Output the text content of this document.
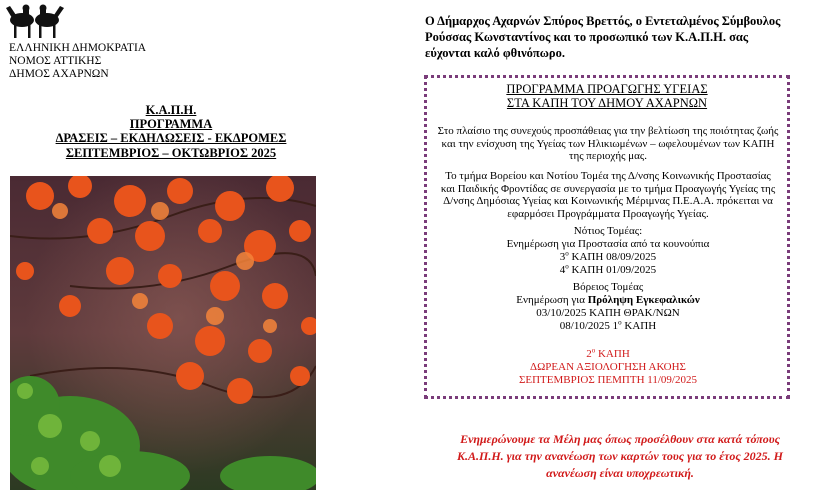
ΕΛΛΗΝΙΚΗ ΔΗΜΟΚΡΑΤΙΑ
ΝΟΜΟΣ ΑΤΤΙΚΗΣ
ΔΗΜΟΣ ΑΧΑΡΝΩΝ
Κ.Α.Π.Η.
ΠΡΟΓΡΑΜΜΑ
ΔΡΑΣΕΙΣ – ΕΚΔΗΛΩΣΕΙΣ - ΕΚΔΡΟΜΕΣ
ΣΕΠΤΕΜΒΡΙΟΣ – ΟΚΤΩΒΡΙΟΣ 2025
Ο Δήμαρχος Αχαρνών Σπύρος Βρεττός, ο Εντεταλμένος Σύμβουλος Ρούσσας Κωνσταντίνος και το προσωπικό των Κ.Α.Π.Η. σας εύχονται καλό φθινόπωρο.
ΠΡΟΓΡΑΜΜΑ ΠΡΟΑΓΩΓΗΣ ΥΓΕΙΑΣ
ΣΤΑ ΚΑΠΗ ΤΟΥ ΔΗΜΟΥ ΑΧΑΡΝΩΝ
Στο πλαίσιο της συνεχούς προσπάθειας για την βελτίωση της ποιότητας ζωής και την ενίσχυση της Υγείας των Ηλικιωμένων – ωφελουμένων των ΚΑΠΗ της περιοχής μας.
Το τμήμα Βορείου και Νοτίου Τομέα της Δ/νσης Κοινωνικής Προστασίας και Παιδικής Φροντίδας σε συνεργασία με το τμήμα Προαγωγής Υγείας της Δ/νσης Δημόσιας Υγείας και Κοινωνικής Μέριμνας Π.Ε.Α.Α. πρόκειται να εφαρμόσει Προγράμματα Προαγωγής Υγείας.
Νότιος Τομέας:
Ενημέρωση για Προστασία από τα κουνούπια
$3^o$ ΚΑΠΗ 08/09/2025
$4^o$ ΚΑΠΗ 01/09/2025
Βόρειος Τομέας
Ενημέρωση για Πρόληψη Εγκεφαλικών
03/10/2025 ΚΑΠΗ ΘΡΑΚ/ΝΩΝ
08/10/2025 $1^o$ ΚΑΠΗ
$2^o$ ΚΑΠΗ
ΔΩΡΕΑΝ ΑΞΙΟΛΟΓΗΣΗ ΑΚΟΗΣ
ΣΕΠΤΕΜΒΡΙΟΣ ΠΕΜΠΤΗ 11/09/2025
Ενημερώνουμε τα Μέλη μας όπως προσέλθουν στα κατά τόπους Κ.Α.Π.Η. για την ανανέωση των καρτών τους για το έτος 2025. Η ανανέωση είναι υποχρεωτική.
